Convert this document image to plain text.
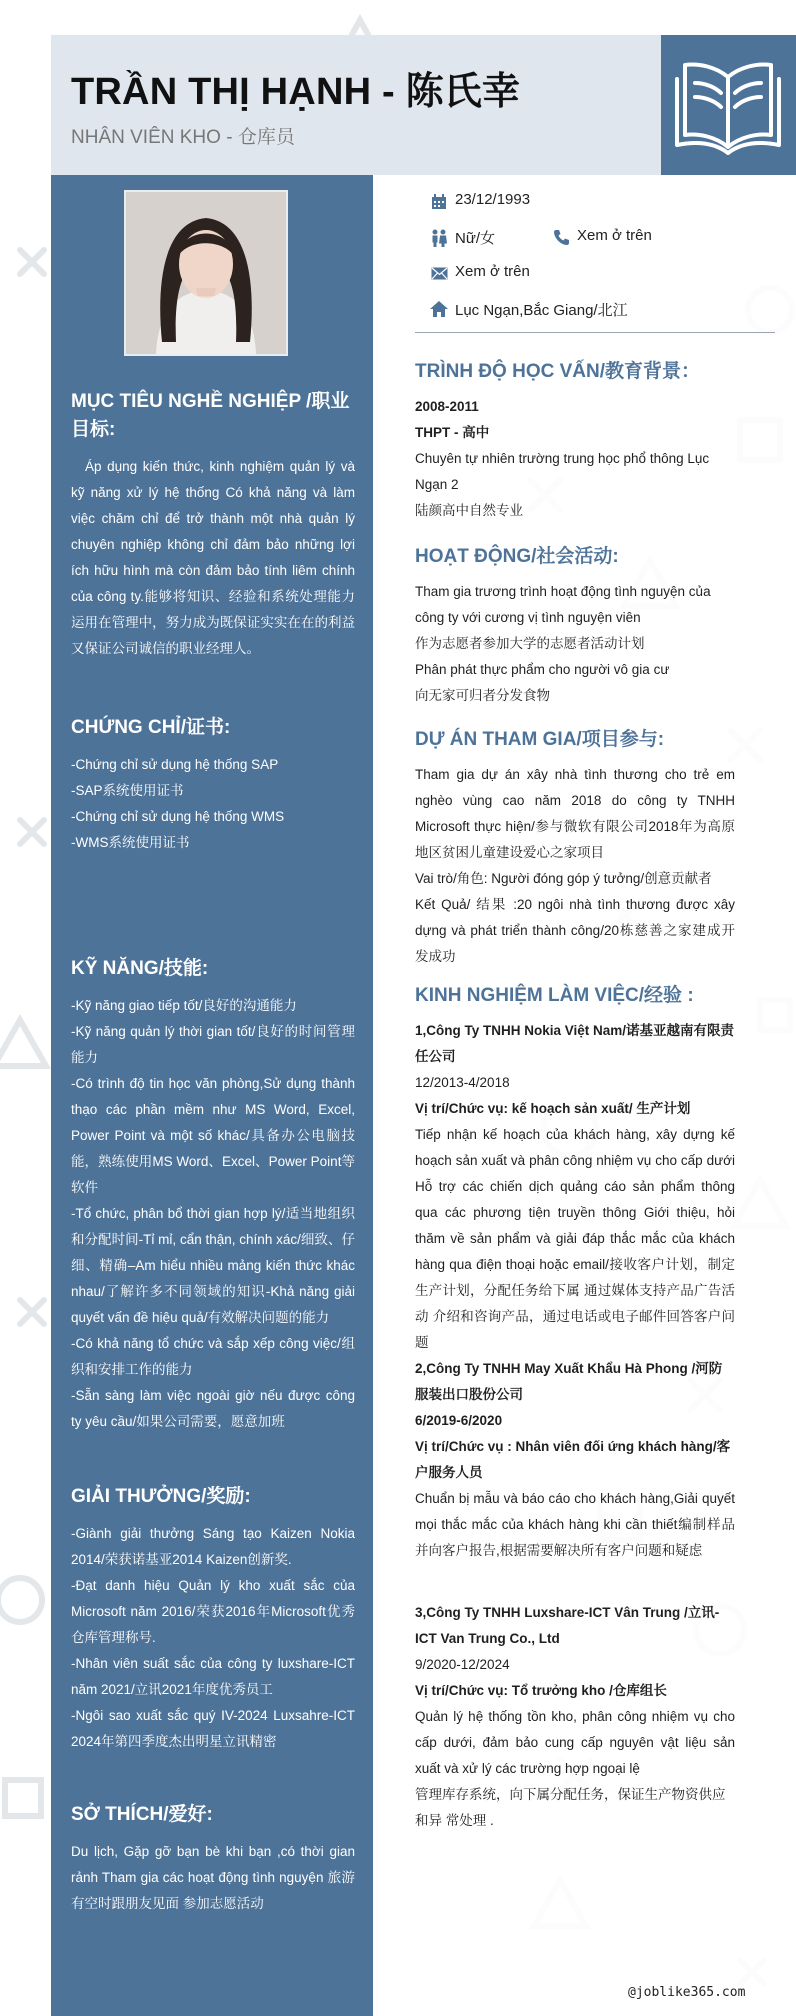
TRẦN THỊ HẠNH - 陈氏幸
NHÂN VIÊN KHO - 仓库员
MỤC TIÊU NGHỀ NGHIỆP /职业目标:

Áp dụng kiến thức, kinh nghiệm quản lý và kỹ năng xử lý hệ thống Có khả năng và làm việc chăm chỉ để trở thành một nhà quản lý chuyên nghiệp không chỉ đảm bảo những lợi ích hữu hình mà còn đảm bảo tính liêm chính của công ty.能够将知识、经验和系统处理能力运用在管理中，努力成为既保证实实在在的利益又保证公司诚信的职业经理人。

CHỨNG CHỈ/证书:

-Chứng chỉ sử dụng hệ thống SAP

-SAP系统使用证书

-Chứng chỉ sử dụng hệ thống WMS

-WMS系统使用证书

KỸ NĂNG/技能:

-Kỹ năng giao tiếp tốt/良好的沟通能力

-Kỹ năng quản lý thời gian tốt/良好的时间管理能力

-Có trình độ tin học văn phòng,Sử dụng thành thạo các phần mềm như MS Word, Excel, Power Point và một số khác/具备办公电脑技能，熟练使用MS Word、Excel、Power Point等软件

-Tổ chức, phân bổ thời gian hợp lý/适当地组织和分配时间-Tỉ mỉ, cẩn thận, chính xác/细致、仔细、精确–Am hiểu nhiều mảng kiến thức khác nhau/了解许多不同领域的知识-Khả năng giải quyết vấn đề hiệu quả/有效解决问题的能力

-Có khả năng tổ chức và sắp xếp công việc/组织和安排工作的能力

-Sẵn sàng làm việc ngoài giờ nếu được công ty yêu cầu/如果公司需要，愿意加班

GIẢI THƯỞNG/奖励:

-Giành giải thưởng Sáng tạo Kaizen Nokia 2014/荣获诺基亚2014 Kaizen创新奖.

-Đạt danh hiệu Quản lý kho xuất sắc của Microsoft năm 2016/荣获2016年Microsoft优秀仓库管理称号.

-Nhân viên suất sắc của công ty luxshare-ICT năm 2021/立讯2021年度优秀员工

-Ngôi sao xuất sắc quý IV-2024 Luxsahre-ICT 2024年第四季度杰出明星立讯精密

SỞ THÍCH/爱好:

Du lịch, Gặp gỡ bạn bè khi bạn ,có thời gian rảnh Tham gia các hoạt động tình nguyện 旅游 有空时跟朋友见面 参加志愿活动

23/12/1993
Nữ/女	Xem ở trên
Xem ở trên
Lục Ngạn,Bắc Giang/北江
TRÌNH ĐỘ HỌC VẤN/教育背景：

2008-2011

THPT - 高中

Chuyên tự nhiên trường trung học phổ thông Lục Ngạn 2

陆颜高中自然专业

HOẠT ĐỘNG/社会活动:

Tham gia trương trình hoạt động tình nguyện của công ty với cương vị tình nguyện viên

作为志愿者参加大学的志愿者活动计划

Phân phát thực phẩm cho người vô gia cư

向无家可归者分发食物

DỰ ÁN THAM GIA/项目参与:

Tham gia dự án xây nhà tình thương cho trẻ em nghèo vùng cao năm 2018 do công ty TNHH Microsoft thực hiện/参与微软有限公司2018年为高原地区贫困儿童建设爱心之家项目

Vai trò/角色: Người đóng góp ý tưởng/创意贡献者

Kết Quả/ 结果 :20 ngôi nhà tình thương được xây dựng và phát triển thành công/20栋慈善之家建成开发成功

KINH NGHIỆM LÀM VIỆC/经验 :

1,Công Ty TNHH Nokia Việt Nam/诺基亚越南有限责任公司

12/2013-4/2018

Vị trí/Chức vụ: kế hoạch sản xuất/ 生产计划

Tiếp nhận kế hoạch của khách hàng, xây dựng kế hoạch sản xuất và phân công nhiệm vụ cho cấp dưới Hỗ trợ các chiến dịch quảng cáo sản phẩm thông qua các phương tiện truyền thông Giới thiệu, hỏi thăm về sản phẩm và giải đáp thắc mắc của khách hàng qua điện thoại hoặc email/接收客户计划，制定生产计划，分配任务给下属 通过媒体支持产品广告活动 介绍和咨询产品，通过电话或电子邮件回答客户问题

2,Công Ty TNHH May Xuất Khẩu Hà Phong /河防服装出口股份公司

6/2019-6/2020

Vị trí/Chức vụ : Nhân viên đối ứng khách hàng/客户服务人员

Chuẩn bị mẫu và báo cáo cho khách hàng,Giải quyết mọi thắc mắc của khách hàng khi cần thiết编制样品并向客户报告,根据需要解决所有客户问题和疑虑

3,Công Ty TNHH Luxshare-ICT Vân Trung /立讯-ICT Van Trung Co., Ltd

9/2020-12/2024

Vị trí/Chức vụ: Tổ trưởng kho /仓库组长

Quản lý hệ thống tồn kho, phân công nhiệm vụ cho cấp dưới, đảm bảo cung cấp nguyên vật liệu sản xuất và xử lý các trường hợp ngoại lệ

管理库存系统，向下属分配任务，保证生产物资供应和异 常处理 .

@joblike365.com
